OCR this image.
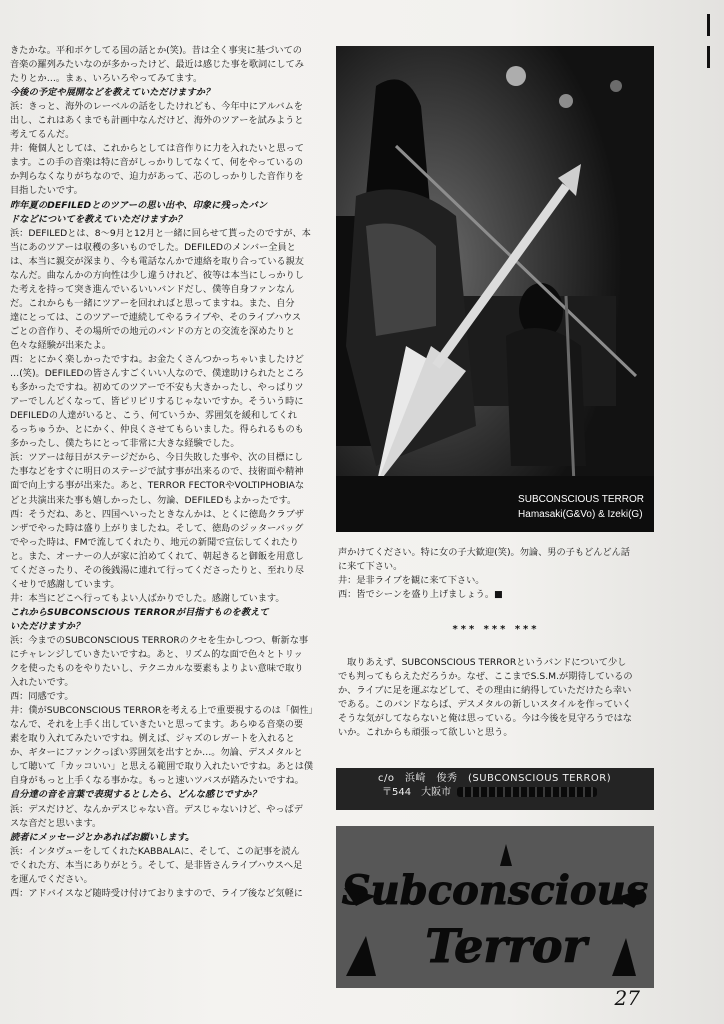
きたかな。平和ボケしてる国の話とか(笑)。昔は全く事実に基づいての
音楽の羅列みたいなのが多かったけど、最近は感じた事を歌詞にしてみ
たりとか…。まぁ、いろいろやってみてます。

今後の予定や展開などを教えていただけますか？

浜：きっと、海外のレーベルの話をしたけれども、今年中にアルバムを
出し、これはあくまでも計画中なんだけど、海外のツアーを試みようと
考えてるんだ。
井：俺個人としては、これからとしては音作りに力を入れたいと思って
ます。この手の音楽は特に音がしっかりしてなくて、何をやっているの
か判らなくなりがちなので、迫力があって、芯のしっかりした音作りを
目指したいです。

昨年夏のDEFILEDとのツアーの思い出や、印象に残ったバン
ドなどについてを教えていただけますか？

浜：DEFILEDとは、8〜9月と12月と一緒に回らせて貰ったのですが、本
当にあのツアーは収穫の多いものでした。DEFILEDのメンバー全員と
は、本当に親交が深まり、今も電話なんかで連絡を取り合っている親友
なんだ。曲なんかの方向性は少し違うけれど、彼等は本当にしっかりし
た考えを持って突き進んでいるいいバンドだし、僕等自身ファンなん
だ。これからも一緒にツアーを回れればと思ってますね。また、自分
達にとっては、このツアーで連続してやるライブや、そのライブハウス
ごとの音作り、その場所での地元のバンドの方との交流を深めたりと
色々な経験が出来たよ。
西：とにかく楽しかったですね。お金たくさんつかっちゃいましたけど
…(笑)。DEFILEDの皆さんすごくいい人なので、僕達助けられたところ
も多かったですね。初めてのツアーで不安も大きかったし、やっぱりツ
アーでしんどくなって、皆ピリピリするじゃないですか。そういう時に
DEFILEDの人達がいると、こう、何ていうか、雰囲気を緩和してくれ
るっちゅうか、とにかく、仲良くさせてもらいました。得られるものも
多かったし、僕たちにとって非常に大きな経験でした。
浜：ツアーは毎日がステージだから、今日失敗した事や、次の目標にし
た事などをすぐに明日のステージで試す事が出来るので、技術面や精神
面で向上する事が出来た。あと、TERROR FECTORやVOLTIPHOBIAな
どと共演出来た事も嬉しかったし、勿論、DEFILEDもよかったです。
西：そうだね、あと、四国へいったときなんかは、とくに徳島クラブザ
ンザでやった時は盛り上がりましたね。そして、徳島のジッターバッグ
でやった時は、FMで流してくれたり、地元の新聞で宣伝してくれたり
と。また、オーナーの人が家に泊めてくれて、朝起きると御飯を用意し
てくださったり、その後銭湯に連れて行ってくださったりと、至れり尽
くせりで感謝しています。
井：本当にどこへ行ってもよい人ばかりでした。感謝しています。

これからSUBCONSCIOUS TERRORが目指すものを教えて
いただけますか？

浜：今までのSUBCONSCIOUS TERRORのクセを生かしつつ、斬新な事
にチャレンジしていきたいですね。あと、リズム的な面で色々とトリッ
クを使ったものをやりたいし、テクニカルな要素もよりよい意味で取り
入れたいです。
西：同感です。
井：僕がSUBCONSCIOUS TERRORを考える上で重要視するのは「個性」
なんで、それを上手く出していきたいと思ってます。あらゆる音楽の要
素を取り入れてみたいですね。例えば、ジャズのレガートを入れると
か、ギターにファンクっぽい雰囲気を出すとか…。勿論、デスメタルと
して聴いて「カッコいい」と思える範囲で取り入れたいですね。あとは僕
自身がもっと上手くなる事かな。もっと速いツバスが踏みたいですね。

自分達の音を言葉で表現するとしたら、どんな感じですか？

浜：デスだけど、なんかデスじゃない音。デスじゃないけど、やっぱデ
スな音だと思います。

読者にメッセージとかあればお願いします。

浜：インタヴューをしてくれたKABBALAに、そして、この記事を読ん
でくれた方、本当にありがとう。そして、是非皆さんライブハウスへ足
を運んでください。
西：アドバイスなど随時受け付けておりますので、ライブ後など気軽に

SUBCONSCIOUS TERROR
Hamasaki(G&Vo) & Izeki(G)

声かけてください。特に女の子大歓迎(笑)。勿論、男の子もどんどん話
に来て下さい。
井：是非ライブを観に来て下さい。
西：皆でシーンを盛り上げましょう。■

*** *** ***

　取りあえず、SUBCONSCIOUS TERRORというバンドについて少し
でも判ってもらえただろうか。なぜ、ここまでS.S.M.が期待しているの
か、ライブに足を運ぶなどして、その理由に納得していただけたら幸い
である。このバンドならば、デスメタルの新しいスタイルを作っていく
そうな気がしてならないと俺は思っている。今は今後を見守ろうではな
いか。これからも頑張って欲しいと思う。

c/o　浜崎　俊秀　(SUBCONSCIOUS TERROR)
〒544　大阪市
Subconscious
Terror
27
